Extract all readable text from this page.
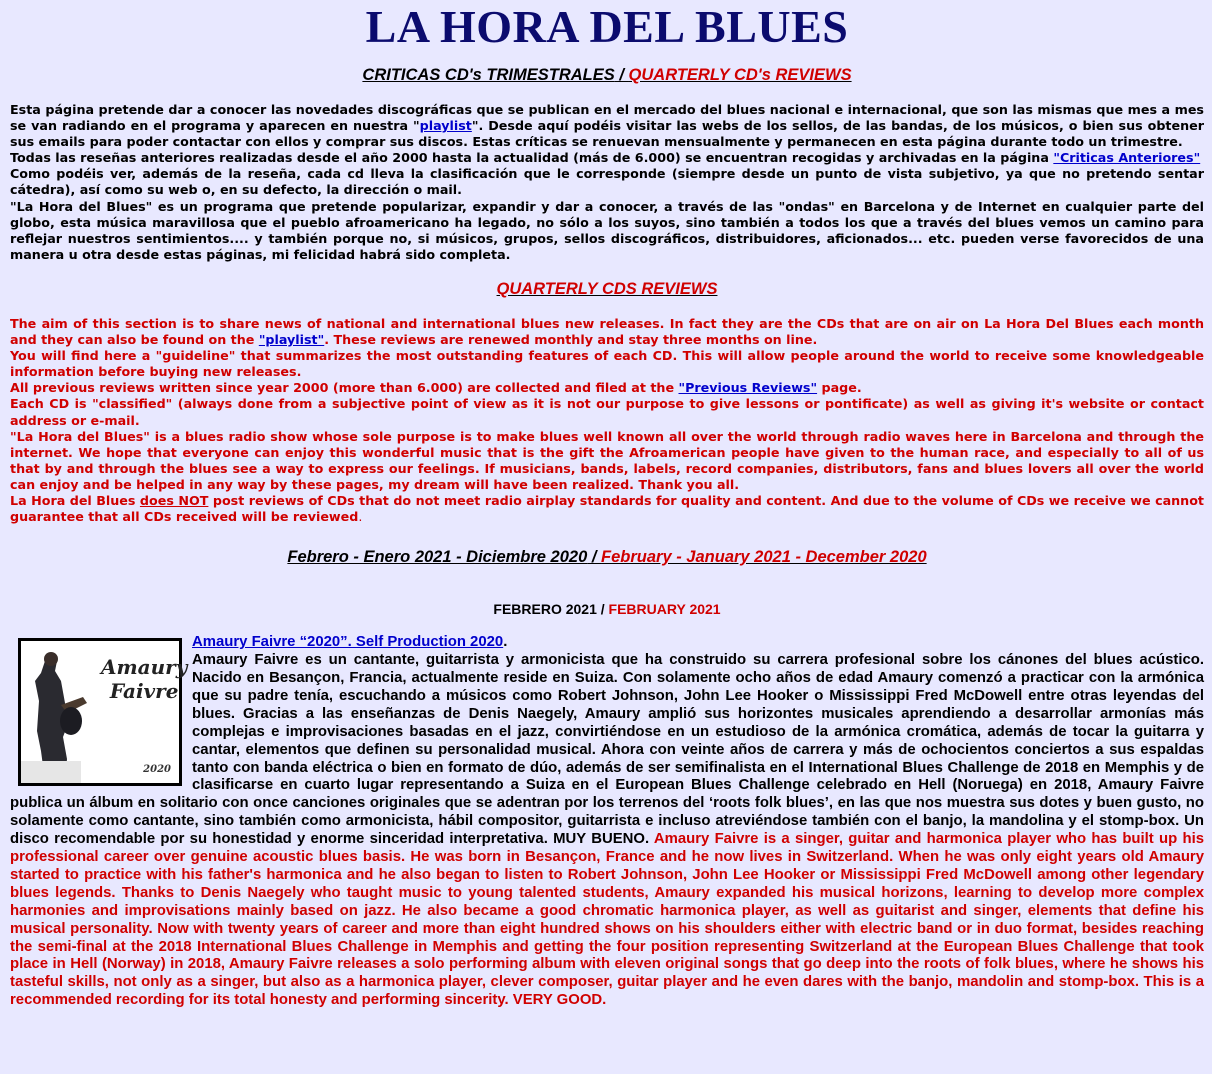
LA HORA DEL BLUES
CRITICAS CD's TRIMESTRALES / QUARTERLY CD's REVIEWS

Esta página pretende dar a conocer las novedades discográficas que se publican en el mercado del blues nacional e internacional, que son las mismas que mes a mes se van radiando en el programa y aparecen en nuestra "playlist". Desde aquí podéis visitar las webs de los sellos, de las bandas, de los músicos, o bien sus obtener sus emails para poder contactar con ellos y comprar sus discos. Estas críticas se renuevan mensualmente y permanecen en esta página durante todo un trimestre.

Todas las reseñas anteriores realizadas desde el año 2000 hasta la actualidad (más de 6.000) se encuentran recogidas y archivadas en la página "Criticas Anteriores"

Como podéis ver, además de la reseña, cada cd lleva la clasificación que le corresponde (siempre desde un punto de vista subjetivo, ya que no pretendo sentar cátedra), así como su web o, en su defecto, la dirección o mail.

"La Hora del Blues" es un programa que pretende popularizar, expandir y dar a conocer, a través de las "ondas" en Barcelona y de Internet en cualquier parte del globo, esta música maravillosa que el pueblo afroamericano ha legado, no sólo a los suyos, sino también a todos los que a través del blues vemos un camino para reflejar nuestros sentimientos.... y también porque no, si músicos, grupos, sellos discográficos, distribuidores, aficionados... etc. pueden verse favorecidos de una manera u otra desde estas páginas, mi felicidad habrá sido completa.

QUARTERLY CDS REVIEWS

The aim of this section is to share news of national and international blues new releases. In fact they are the CDs that are on air on La Hora Del Blues each month and they can also be found on the "playlist". These reviews are renewed monthly and stay three months on line.

You will find here a "guideline" that summarizes the most outstanding features of each CD. This will allow people around the world to receive some knowledgeable information before buying new releases.

All previous reviews written since year 2000 (more than 6.000) are collected and filed at the "Previous Reviews" page.

Each CD is "classified" (always done from a subjective point of view as it is not our purpose to give lessons or pontificate) as well as giving it's website or contact address or e-mail.

"La Hora del Blues" is a blues radio show whose sole purpose is to make blues well known all over the world through radio waves here in Barcelona and through the internet. We hope that everyone can enjoy this wonderful music that is the gift the Afroamerican people have given to the human race, and especially to all of us that by and through the blues see a way to express our feelings. If musicians, bands, labels, record companies, distributors, fans and blues lovers all over the world can enjoy and be helped in any way by these pages, my dream will have been realized. Thank you all.

La Hora del Blues does NOT post reviews of CDs that do not meet radio airplay standards for quality and content. And due to the volume of CDs we receive we cannot guarantee that all CDs received will be reviewed.

Febrero - Enero 2021 - Diciembre 2020 / February - January 2021 - December 2020
FEBRERO 2021 / FEBRUARY 2021
Amaury
Faivre
2020
Amaury Faivre “2020”. Self Production 2020.
Amaury Faivre es un cantante, guitarrista y armonicista que ha construido su carrera profesional sobre los cánones del blues acústico. Nacido en Besançon, Francia, actualmente reside en Suiza. Con solamente ocho años de edad Amaury comenzó a practicar con la armónica que su padre tenía, escuchando a músicos como Robert Johnson, John Lee Hooker o Mississippi Fred McDowell entre otras leyendas del blues. Gracias a las enseñanzas de Denis Naegely, Amaury amplió sus horizontes musicales aprendiendo a desarrollar armonías más complejas e improvisaciones basadas en el jazz, convirtiéndose en un estudioso de la armónica cromática, además de tocar la guitarra y cantar, elementos que definen su personalidad musical. Ahora con veinte años de carrera y más de ochocientos conciertos a sus espaldas tanto con banda eléctrica o bien en formato de dúo, además de ser semifinalista en el International Blues Challenge de 2018 en Memphis y de clasificarse en cuarto lugar representando a Suiza en el European Blues Challenge celebrado en Hell (Noruega) en 2018, Amaury Faivre publica un álbum en solitario con once canciones originales que se adentran por los terrenos del ‘roots folk blues’, en las que nos muestra sus dotes y buen gusto, no solamente como cantante, sino también como armonicista, hábil compositor, guitarrista e incluso atreviéndose también con el banjo, la mandolina y el stomp-box. Un disco recomendable por su honestidad y enorme sinceridad interpretativa. MUY BUENO. Amaury Faivre is a singer, guitar and harmonica player who has built up his professional career over genuine acoustic blues basis. He was born in Besançon, France and he now lives in Switzerland. When he was only eight years old Amaury started to practice with his father's harmonica and he also began to listen to Robert Johnson, John Lee Hooker or Mississippi Fred McDowell among other legendary blues legends. Thanks to Denis Naegely who taught music to young talented students, Amaury expanded his musical horizons, learning to develop more complex harmonies and improvisations mainly based on jazz. He also became a good chromatic harmonica player, as well as guitarist and singer, elements that define his musical personality. Now with twenty years of career and more than eight hundred shows on his shoulders either with electric band or in duo format, besides reaching the semi-final at the 2018 International Blues Challenge in Memphis and getting the four position representing Switzerland at the European Blues Challenge that took place in Hell (Norway) in 2018, Amaury Faivre releases a solo performing album with eleven original songs that go deep into the roots of folk blues, where he shows his tasteful skills, not only as a singer, but also as a harmonica player, clever composer, guitar player and he even dares with the banjo, mandolin and stomp-box. This is a recommended recording for its total honesty and performing sincerity. VERY GOOD.
